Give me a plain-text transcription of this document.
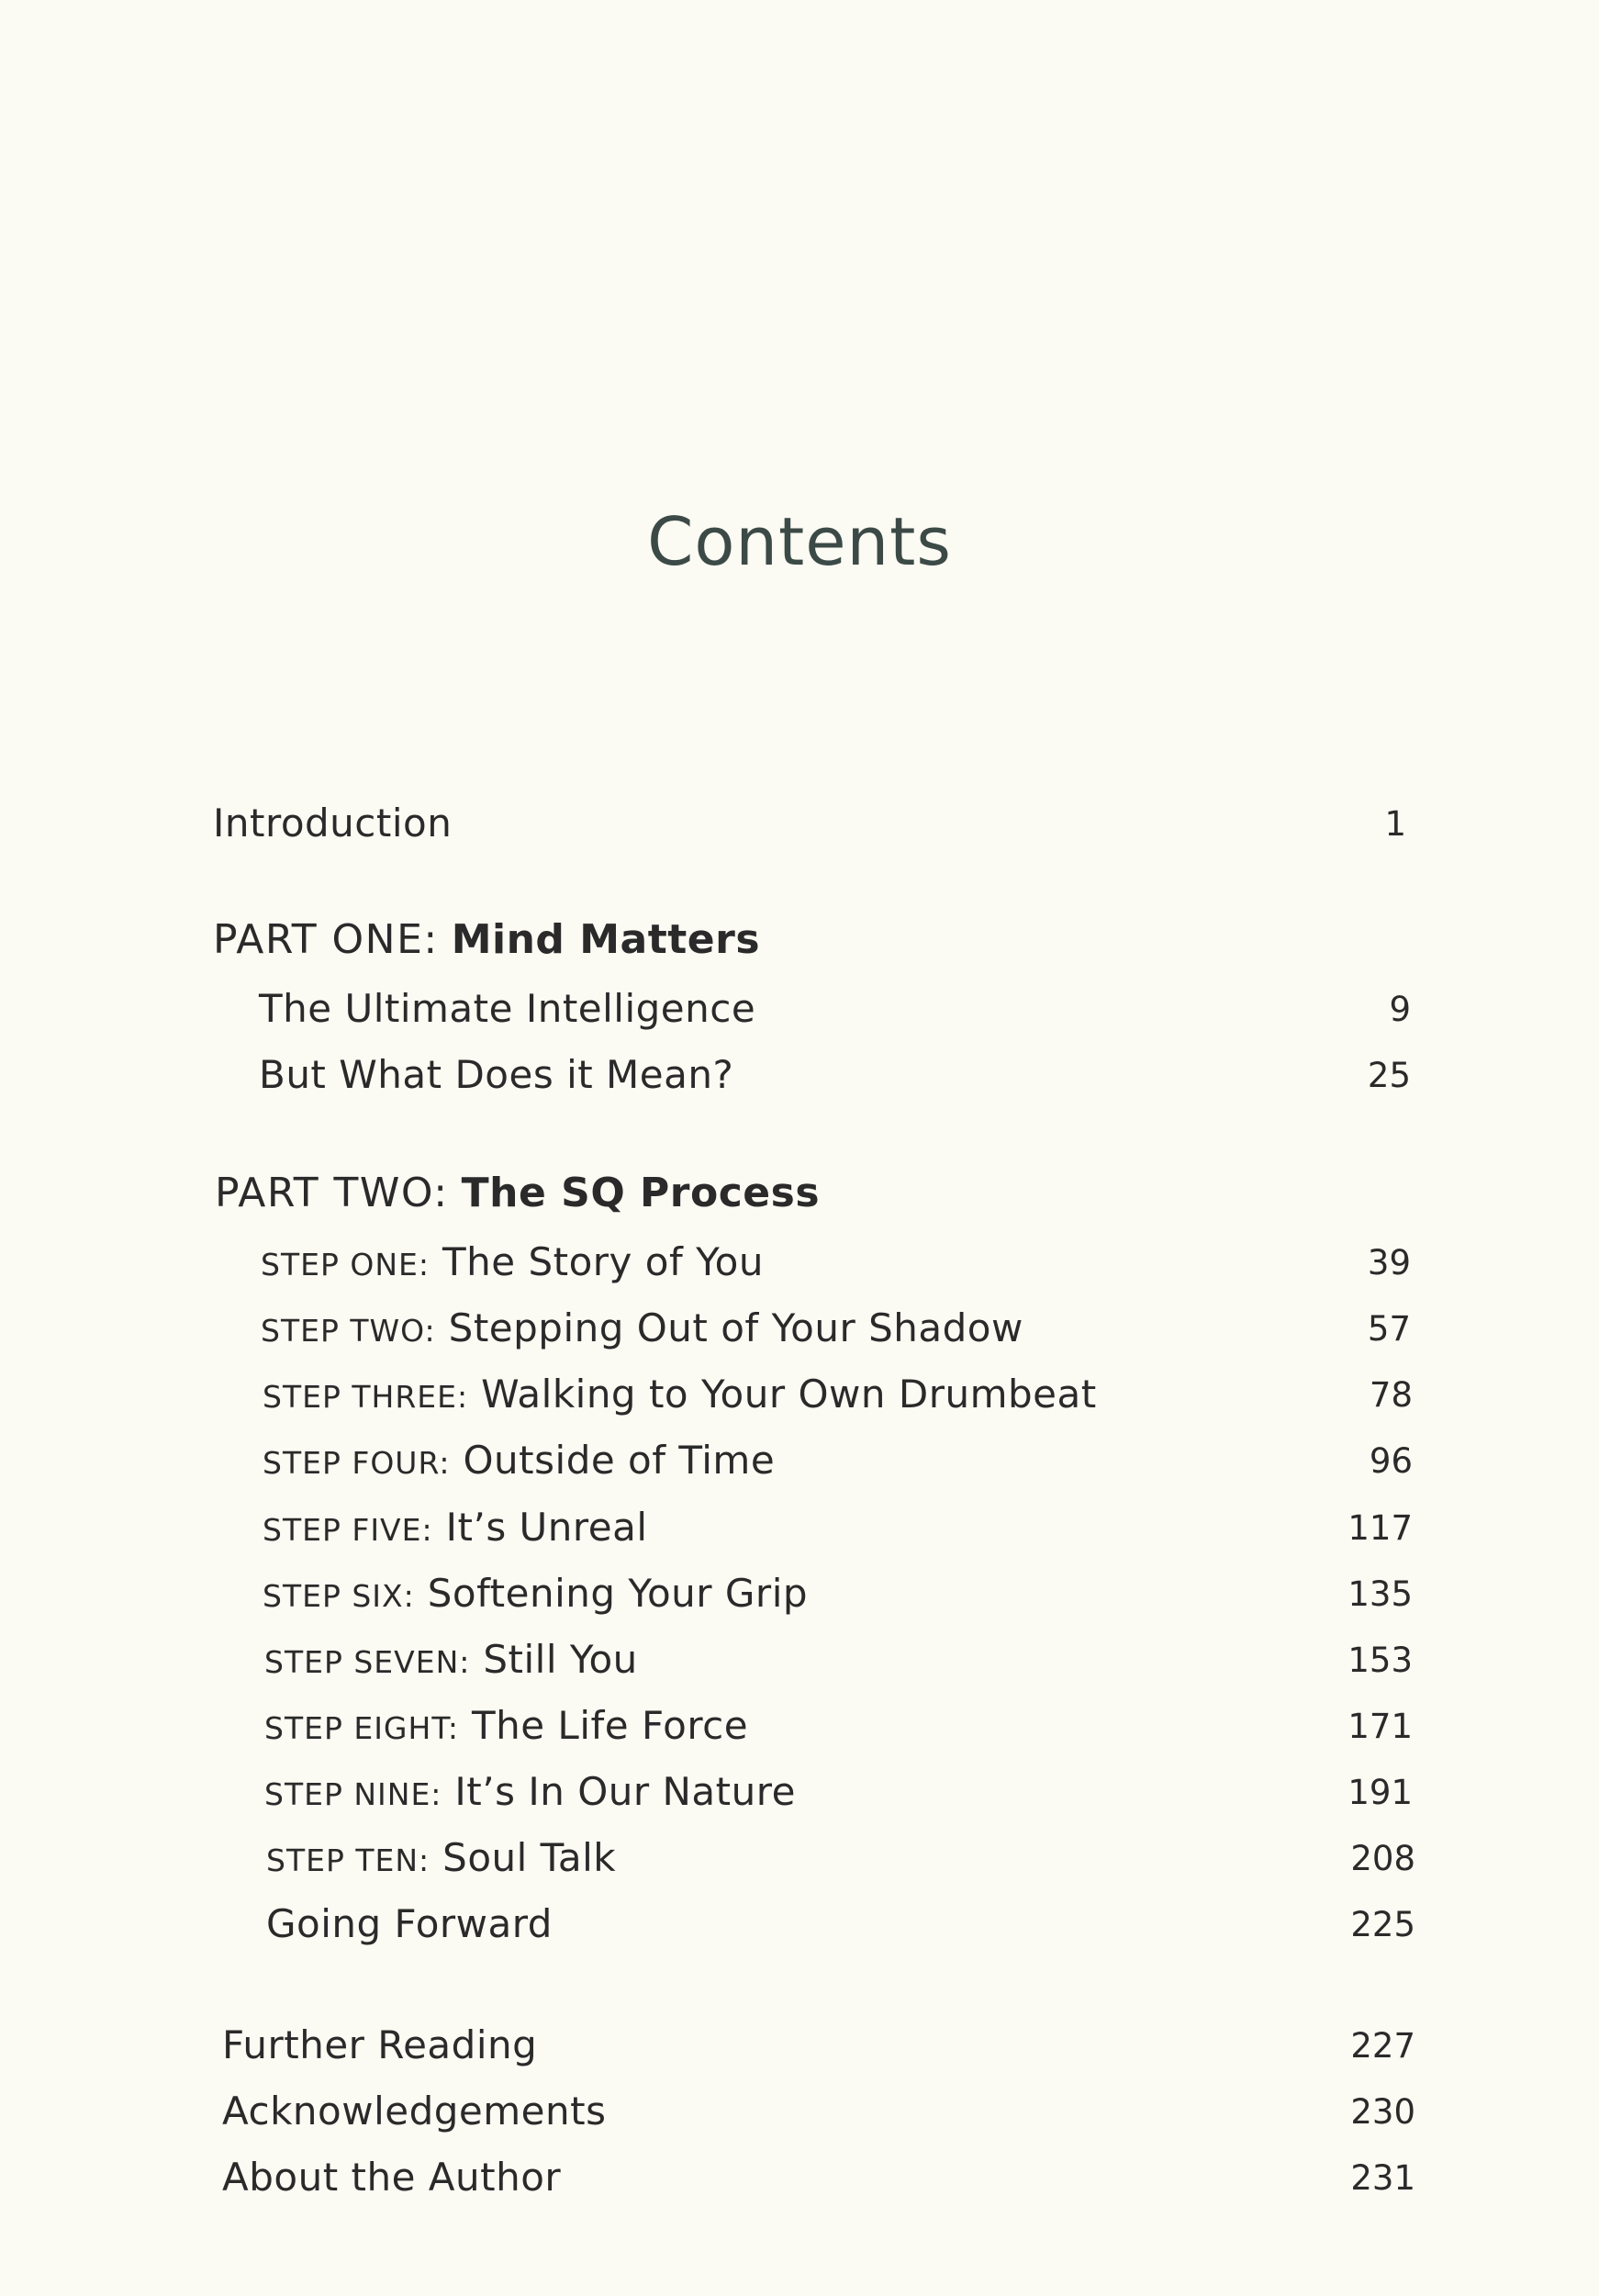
Contents
Introduction	1
PART ONE: Mind Matters
The Ultimate Intelligence	9
But What Does it Mean?	25
PART TWO: The SQ Process
STEP ONE: The Story of You	39
STEP TWO: Stepping Out of Your Shadow	57
STEP THREE: Walking to Your Own Drumbeat	78
STEP FOUR: Outside of Time	96
STEP FIVE: It’s Unreal	117
STEP SIX: Softening Your Grip	135
STEP SEVEN: Still You	153
STEP EIGHT: The Life Force	171
STEP NINE: It’s In Our Nature	191
STEP TEN: Soul Talk	208
Going Forward	225
Further Reading	227
Acknowledgements	230
About the Author	231
